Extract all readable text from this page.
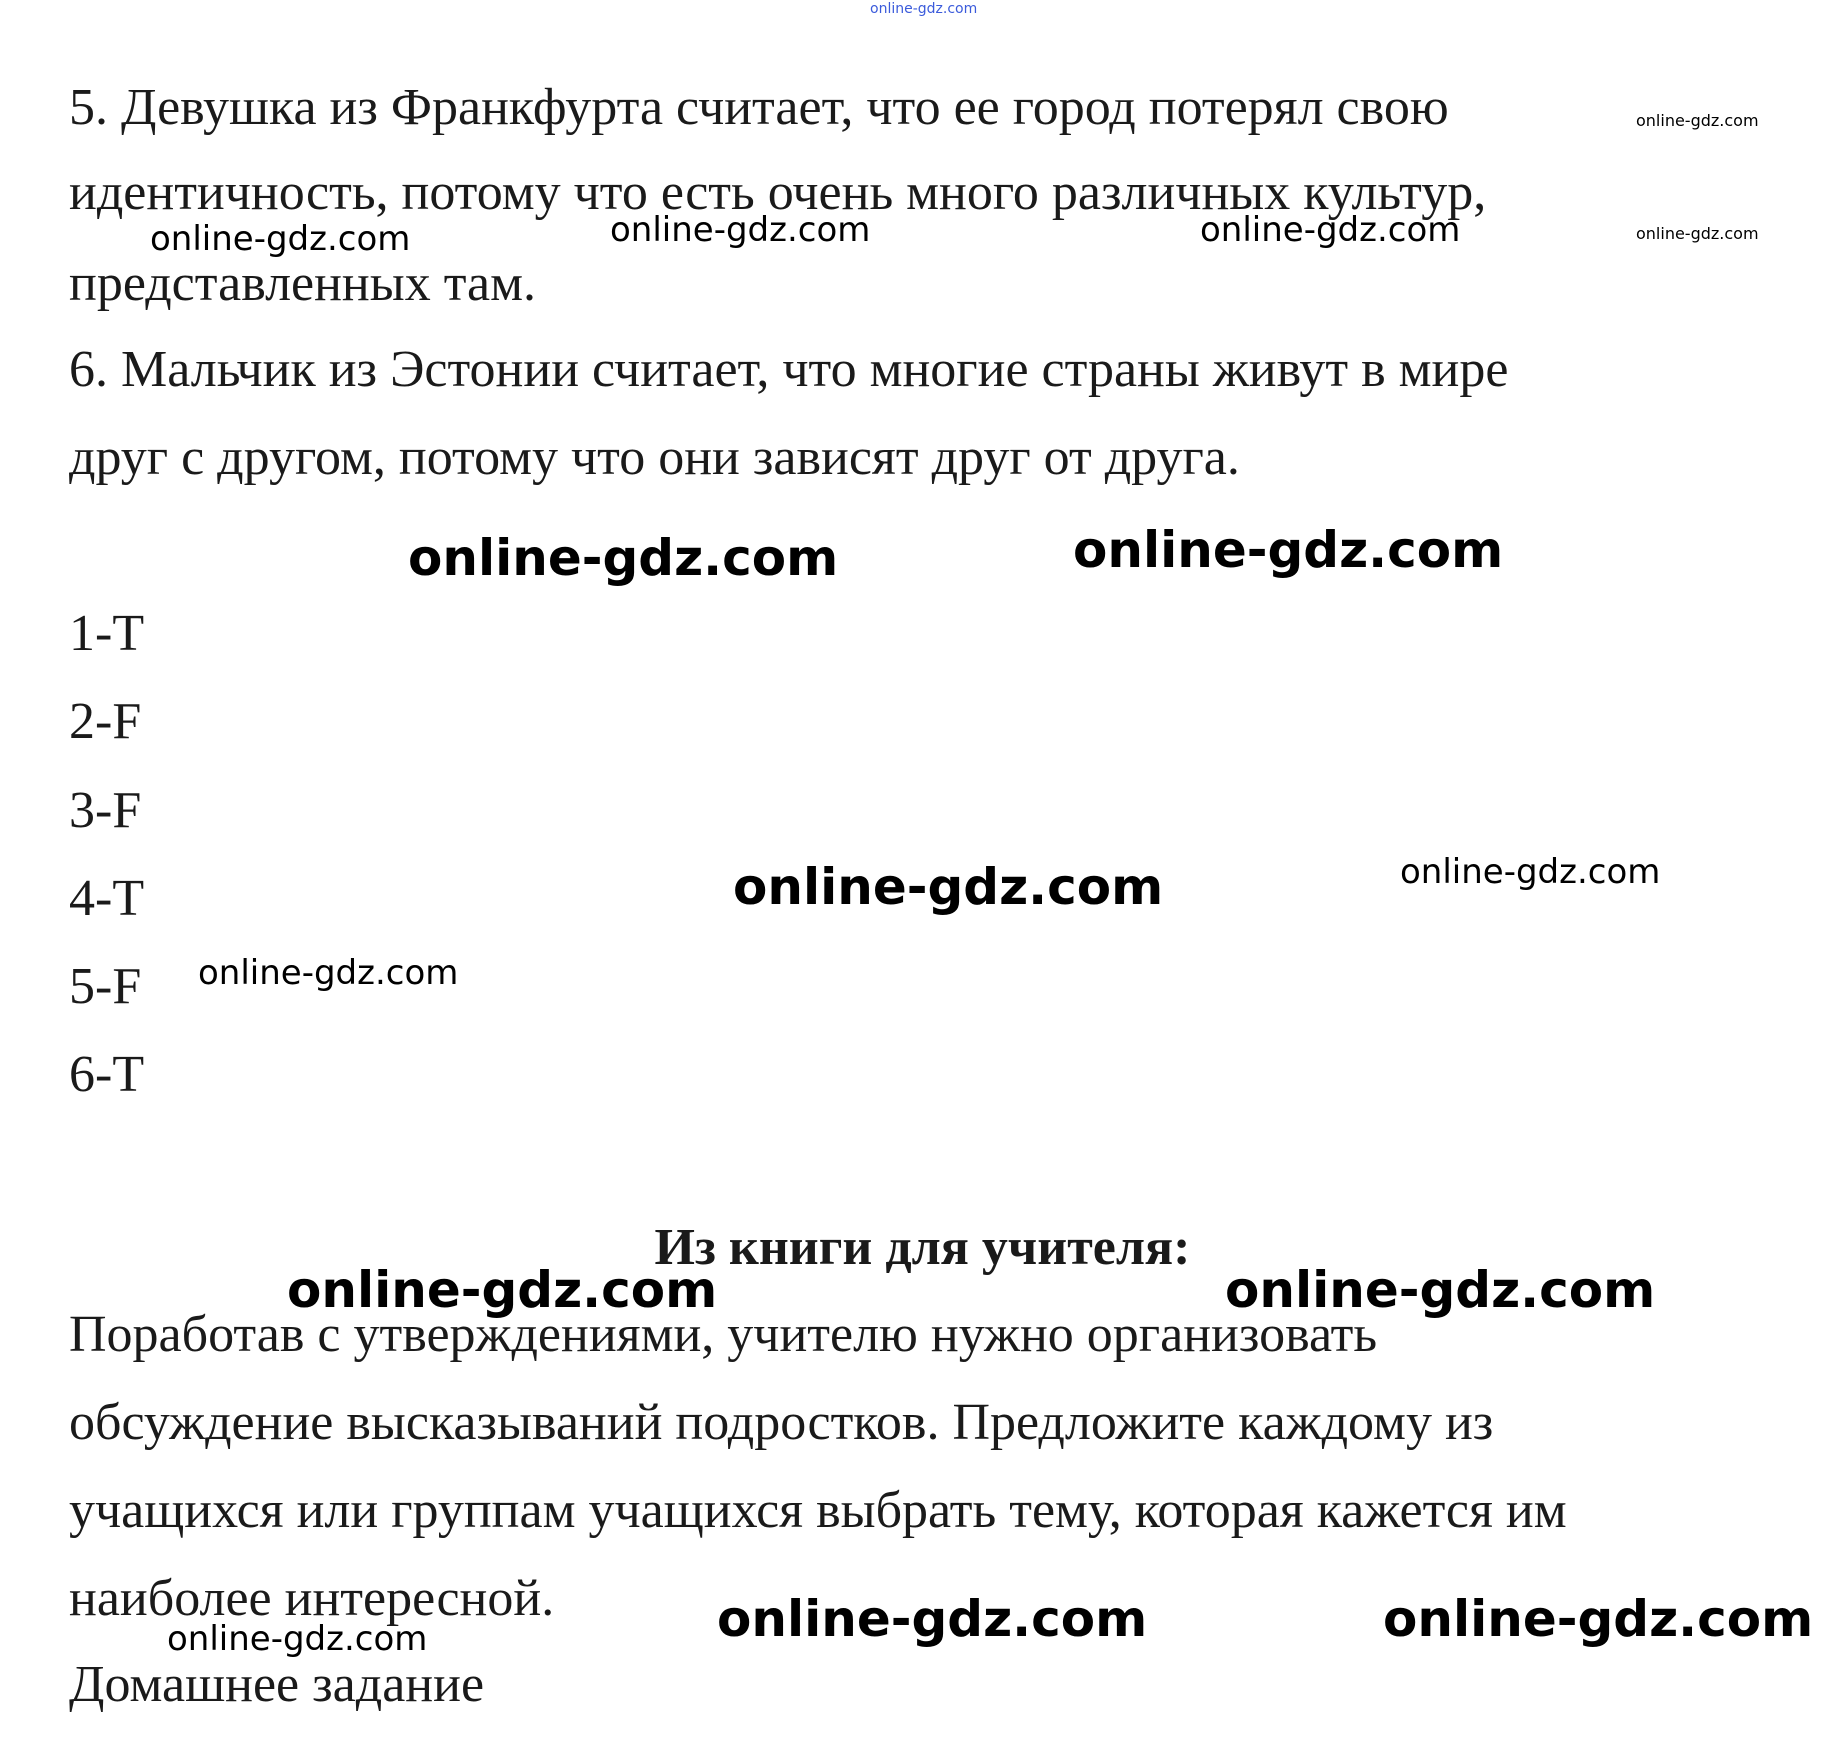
online-gdz.com
5. Девушка из Франкфурта считает, что ее город потерял свою	online-gdz.com
идентичность, потому что есть очень много различных культур,
online-gdz.com	online-gdz.com	online-gdz.com	online-gdz.com
представленных там.
6. Мальчик из Эстонии считает, что многие страны живут в мире
друг с другом, потому что они зависят друг от друга.
online-gdz.com	online-gdz.com
1-T
2-F
3-F
4-T
5-F
6-T
online-gdz.com	online-gdz.com
online-gdz.com
Из книги для учителя:
online-gdz.com	online-gdz.com
Поработав с утверждениями, учителю нужно организовать
обсуждение высказываний подростков. Предложите каждому из
учащихся или группам учащихся выбрать тему, которая кажется им
наиболее интересной.
online-gdz.com	online-gdz.com	online-gdz.com
Домашнее задание
